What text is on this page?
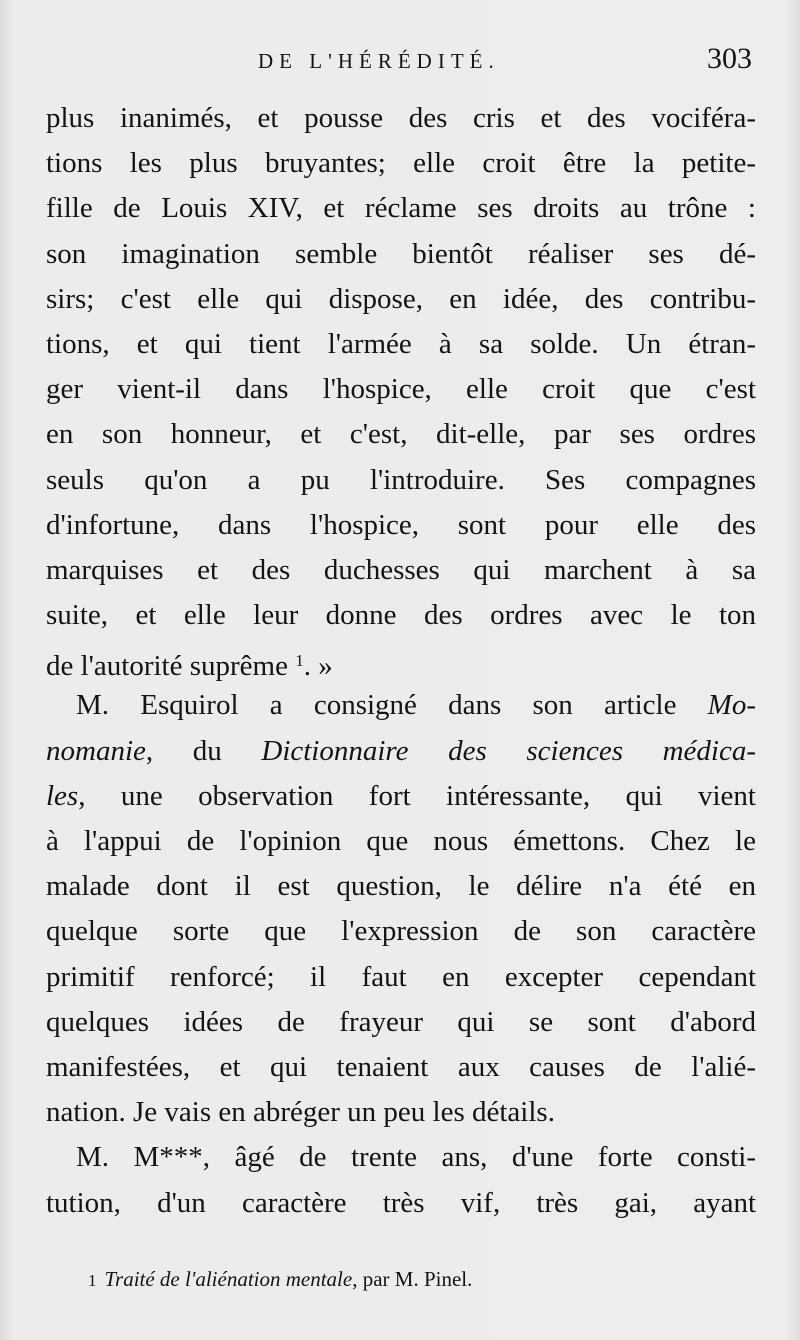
DE L'HÉRÉDITÉ.	303
plus inanimés, et pousse des cris et des vociféra-
tions les plus bruyantes; elle croit être la petite-
fille de Louis XIV, et réclame ses droits au trône :
son imagination semble bientôt réaliser ses dé-
sirs; c'est elle qui dispose, en idée, des contribu-
tions, et qui tient l'armée à sa solde. Un étran-
ger vient-il dans l'hospice, elle croit que c'est
en son honneur, et c'est, dit-elle, par ses ordres
seuls qu'on a pu l'introduire. Ses compagnes
d'infortune, dans l'hospice, sont pour elle des
marquises et des duchesses qui marchent à sa
suite, et elle leur donne des ordres avec le ton
de l'autorité suprême $^1$. »
M. Esquirol a consigné dans son article Mo-
nomanie, du Dictionnaire des sciences médica-
les, une observation fort intéressante, qui vient
à l'appui de l'opinion que nous émettons. Chez le
malade dont il est question, le délire n'a été en
quelque sorte que l'expression de son caractère
primitif renforcé; il faut en excepter cependant
quelques idées de frayeur qui se sont d'abord
manifestées, et qui tenaient aux causes de l'alié-
nation. Je vais en abréger un peu les détails.
M. M***, âgé de trente ans, d'une forte consti-
tution, d'un caractère très vif, très gai, ayant
1 Traité de l'aliénation mentale, par M. Pinel.
